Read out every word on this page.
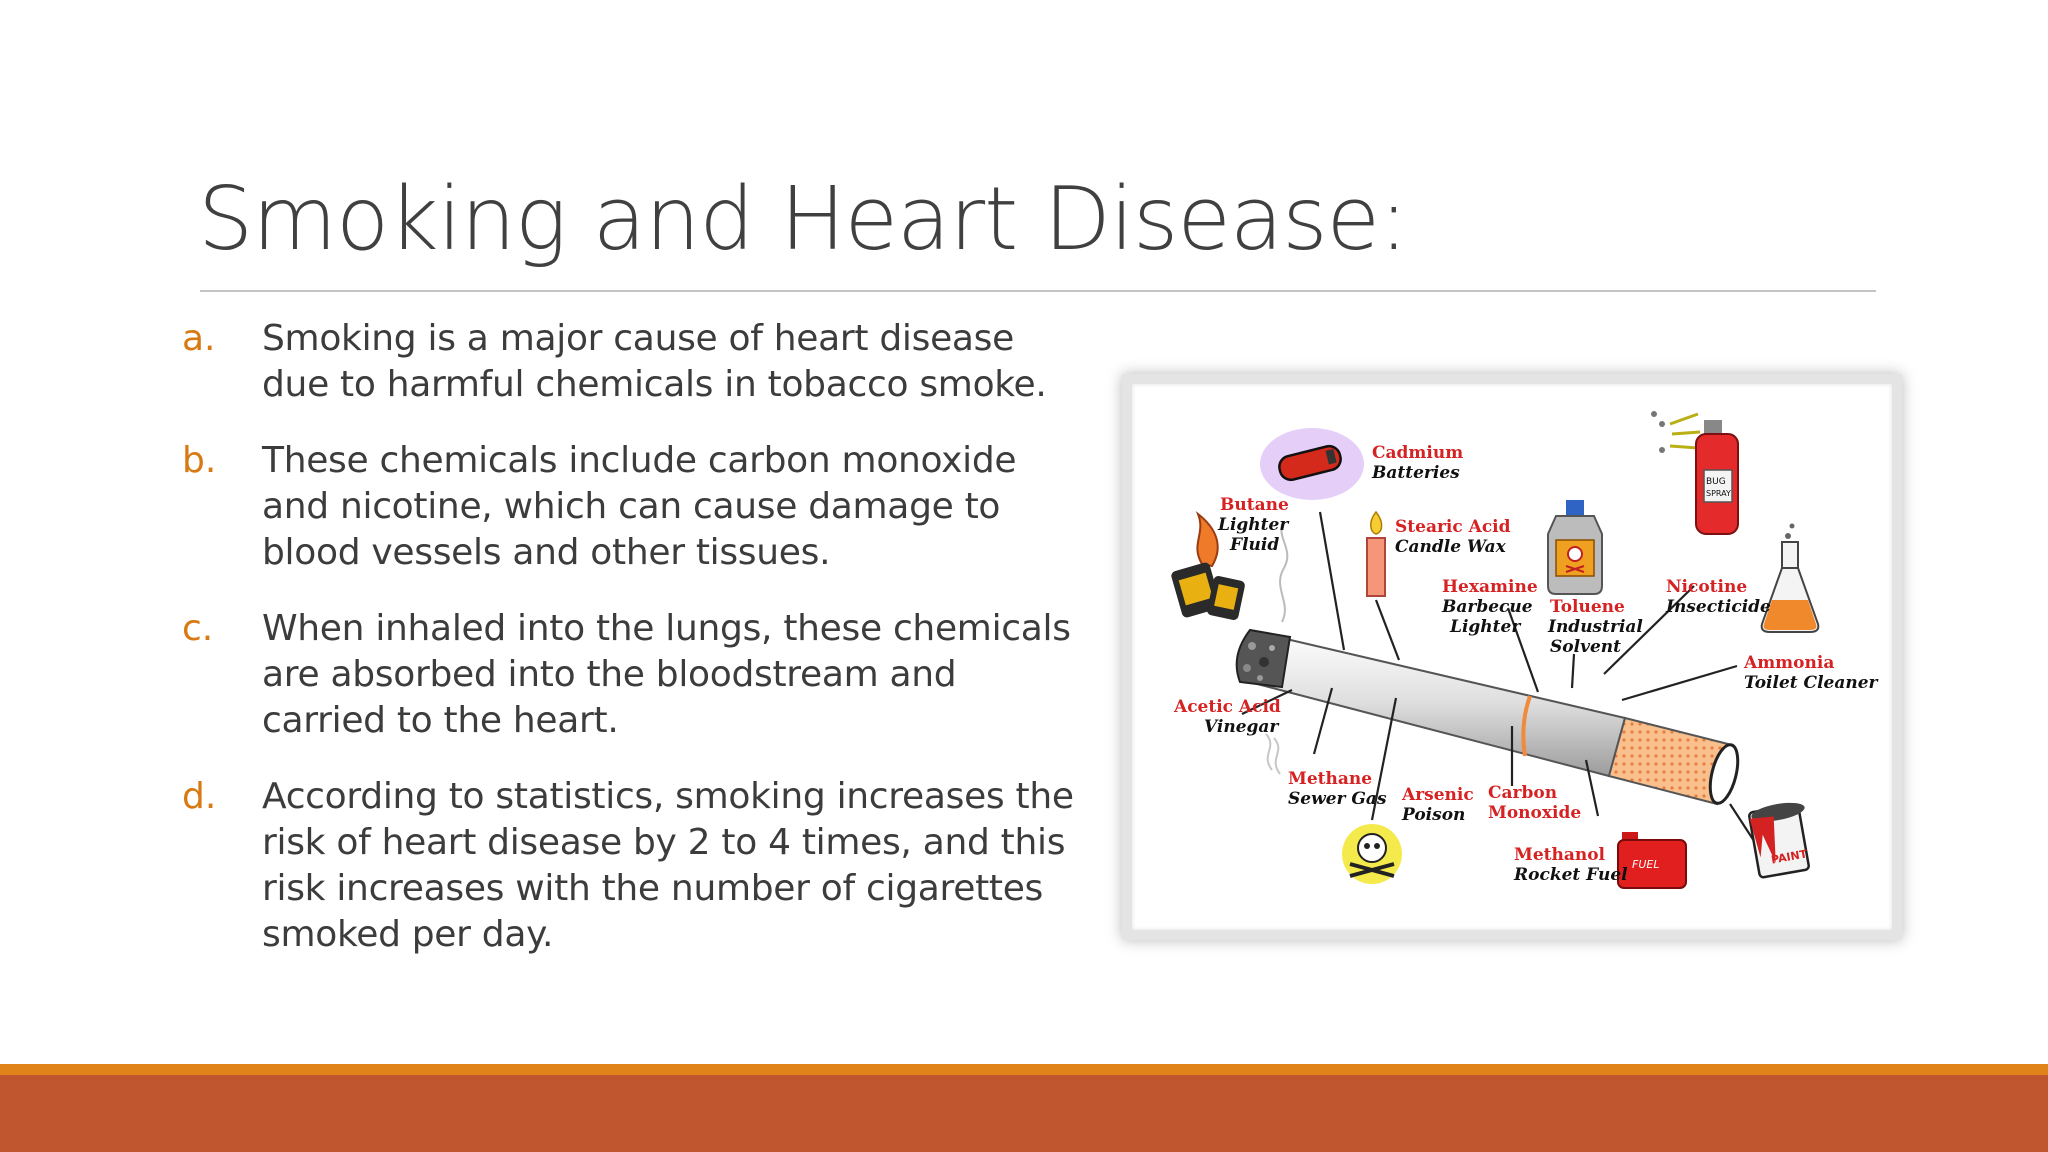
Smoking and Heart Disease:
a.	Smoking is a major cause of heart disease due to harmful chemicals in tobacco smoke.
b.	These chemicals include carbon monoxide and nicotine, which can cause damage to blood vessels and other tissues.
c.	When inhaled into the lungs, these chemicals are absorbed into the bloodstream and carried to the heart.
d.	According to statistics, smoking increases the risk of heart disease by 2 to 4 times, and this risk increases with the number of cigarettes smoked per day.
BUG
SPRAY
FUEL	PAINT
Cadmium
Batteries
Butane
Lighter
Fluid
Stearic Acid
Candle Wax
Hexamine
Barbecue
Lighter
Toluene
Industrial
Solvent
Nicotine
Insecticide
Ammonia
Toilet Cleaner
Acetic Acid
Vinegar
Methane
Sewer Gas Arsenic
Poison
Carbon
Monoxide
Methanol
Rocket Fuel
